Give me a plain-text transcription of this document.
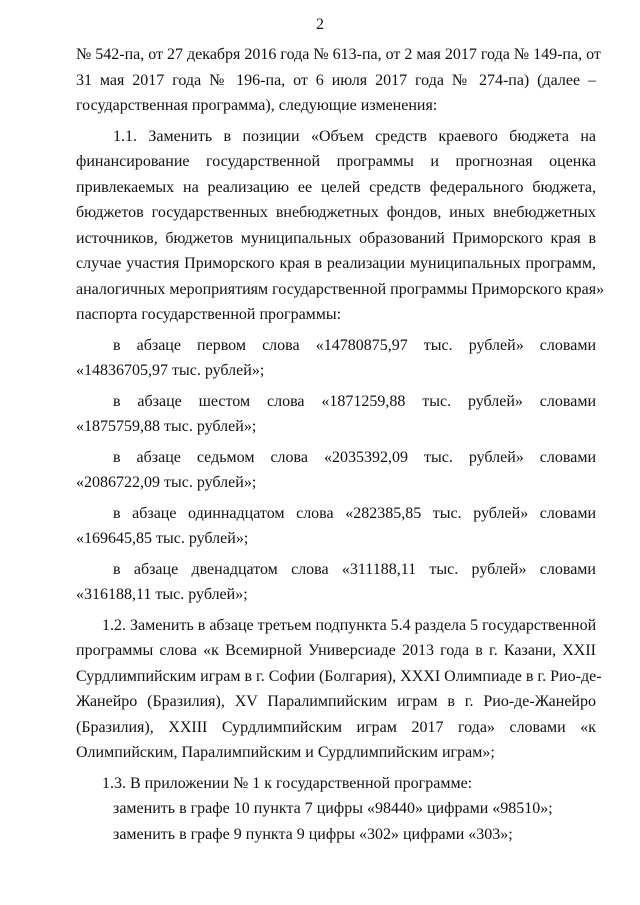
2
№ 542-па, от 27 декабря 2016 года № 613-па, от 2 мая 2017 года № 149-па, от
31 мая 2017 года № 196-па, от 6 июля 2017 года № 274-па) (далее –
государственная программа), следующие изменения:
1.1. Заменить в позиции «Объем средств краевого бюджета на
финансирование государственной программы и прогнозная оценка
привлекаемых на реализацию ее целей средств федерального бюджета,
бюджетов государственных внебюджетных фондов, иных внебюджетных
источников, бюджетов муниципальных образований Приморского края в
случае участия Приморского края в реализации муниципальных программ,
аналогичных мероприятиям государственной программы Приморского края»
паспорта государственной программы:
в абзаце первом слова «14780875,97 тыс. рублей» словами
«14836705,97 тыс. рублей»;
в абзаце шестом слова «1871259,88 тыс. рублей» словами
«1875759,88 тыс. рублей»;
в абзаце седьмом слова «2035392,09 тыс. рублей» словами
«2086722,09 тыс. рублей»;
в абзаце одиннадцатом слова «282385,85 тыс. рублей» словами
«169645,85 тыс. рублей»;
в абзаце двенадцатом слова «311188,11 тыс. рублей» словами
«316188,11 тыс. рублей»;
1.2. Заменить в абзаце третьем подпункта 5.4 раздела 5 государственной
программы слова «к Всемирной Универсиаде 2013 года в г. Казани, XXII
Сурдлимпийским играм в г. Софии (Болгария), XXXI Олимпиаде в г. Рио-де-
Жанейро (Бразилия), XV Паралимпийским играм в г. Рио-де-Жанейро
(Бразилия), XXIII Сурдлимпийским играм 2017 года» словами «к
Олимпийским, Паралимпийским и Сурдлимпийским играм»;
1.3. В приложении № 1 к государственной программе:
заменить в графе 10 пункта 7 цифры «98440» цифрами «98510»;
заменить в графе 9 пункта 9 цифры «302» цифрами «303»;
